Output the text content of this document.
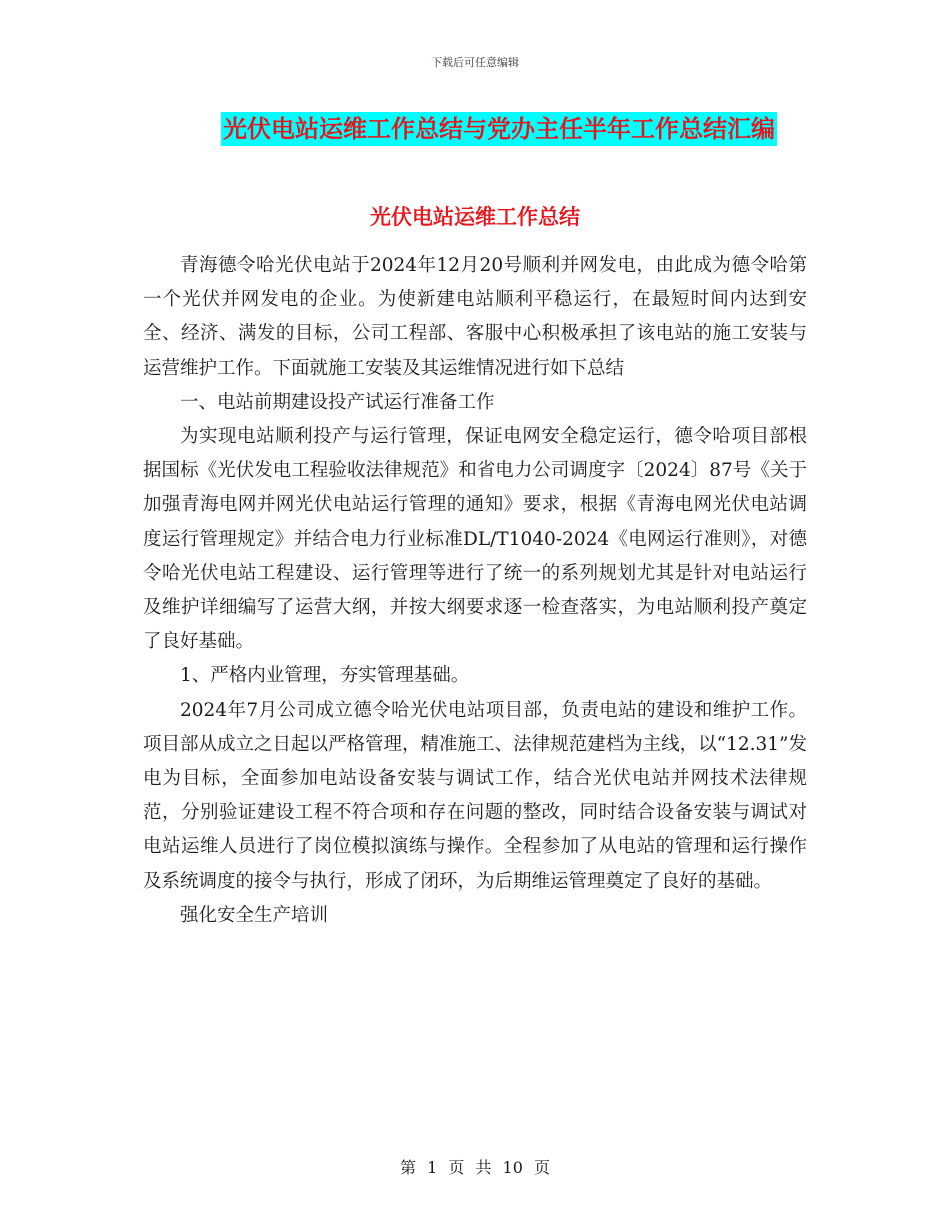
下载后可任意编辑
光伏电站运维工作总结与党办主任半年工作总结汇编
光伏电站运维工作总结

青海德令哈光伏电站于2024年12月20号顺利并网发电，由此成为德令哈第一个光伏并网发电的企业。为使新建电站顺利平稳运行，在最短时间内达到安全、经济、满发的目标，公司工程部、客服中心积极承担了该电站的施工安装与运营维护工作。下面就施工安装及其运维情况进行如下总结

一、电站前期建设投产试运行准备工作

为实现电站顺利投产与运行管理，保证电网安全稳定运行，德令哈项目部根据国标《光伏发电工程验收法律规范》和省电力公司调度字〔2024〕87号《关于加强青海电网并网光伏电站运行管理的通知》要求，根据《青海电网光伏电站调度运行管理规定》并结合电力行业标准DL/T1040-2024《电网运行准则》，对德令哈光伏电站工程建设、运行管理等进行了统一的系列规划尤其是针对电站运行及维护详细编写了运营大纲，并按大纲要求逐一检查落实，为电站顺利投产奠定了良好基础。

1、严格内业管理，夯实管理基础。

2024年7月公司成立德令哈光伏电站项目部，负责电站的建设和维护工作。项目部从成立之日起以严格管理，精准施工、法律规范建档为主线，以“12.31”发电为目标，全面参加电站设备安装与调试工作，结合光伏电站并网技术法律规范，分别验证建设工程不符合项和存在问题的整改，同时结合设备安装与调试对电站运维人员进行了岗位模拟演练与操作。全程参加了从电站的管理和运行操作及系统调度的接令与执行，形成了闭环，为后期维运管理奠定了良好的基础。

强化安全生产培训

第 1 页 共 10 页
